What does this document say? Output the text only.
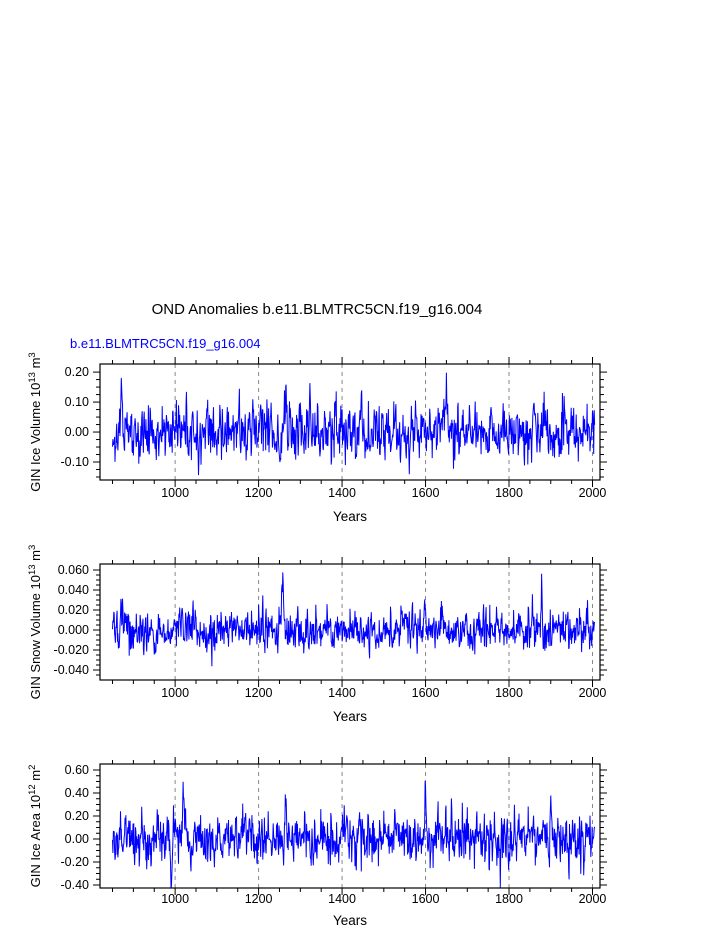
OND Anomalies b.e11.BLMTRC5CN.f19_g16.004
b.e11.BLMTRC5CN.f19_g16.004
1000	1200	1400	1600	1800	2000
-0.10
0.00
0.10
0.20
Years
GIN Ice Volume $10^{13}$ $m^3$
1000	1200	1400	1600	1800	2000
-0.040
-0.020
0.000
0.020
0.040
0.060
Years
GIN Snow Volume $10^{13}$ $m^3$
1000	1200	1400	1600	1800	2000
-0.40
-0.20
0.00
0.20
0.40
0.60
Years
GIN Ice Area $10^{12}$ $m^2$
